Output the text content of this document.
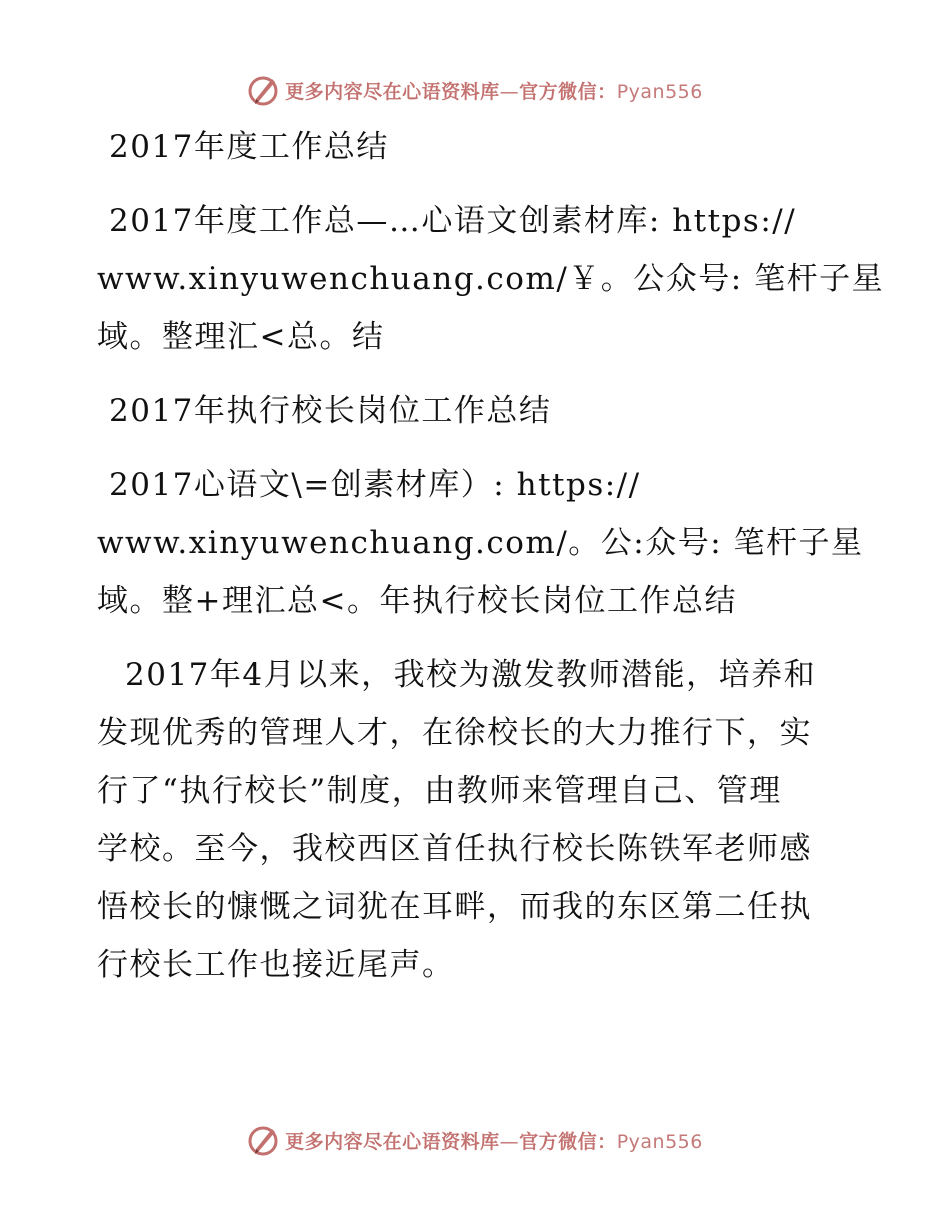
更多内容尽在心语资料库—官方微信：Pyan556
2017年度工作总结
2017年度工作总—…心语文创素材库: https://
www.xinyuwenchuang.com/￥。公众号: 笔杆子星
域。整理汇<总。结
2017年执行校长岗位工作总结
2017心语文\=创素材库）: https://
www.xinyuwenchuang.com/。公:众号: 笔杆子星
域。整+理汇总<。年执行校长岗位工作总结
2017年4月以来，我校为激发教师潜能，培养和
发现优秀的管理人才，在徐校长的大力推行下，实
行了“执行校长”制度，由教师来管理自己、管理
学校。至今，我校西区首任执行校长陈铁军老师感
悟校长的慷慨之词犹在耳畔，而我的东区第二任执
行校长工作也接近尾声。
更多内容尽在心语资料库—官方微信：Pyan556
